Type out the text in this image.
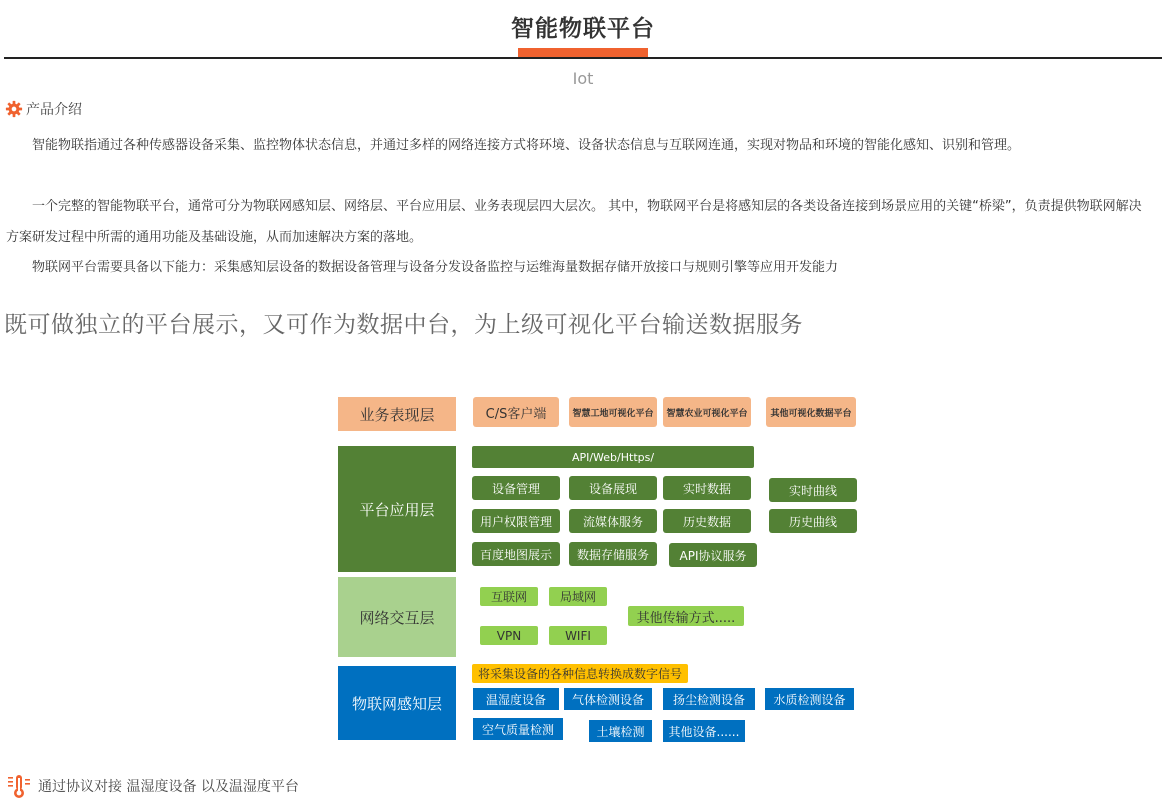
智能物联平台
Iot
产品介绍

智能物联指通过各种传感器设备采集、监控物体状态信息，并通过多样的网络连接方式将环境、设备状态信息与互联网连通，实现对物品和环境的智能化感知、识别和管理。

一个完整的智能物联平台，通常可分为物联网感知层、网络层、平台应用层、业务表现层四大层次。 其中，物联网平台是将感知层的各类设备连接到场景应用的关键“桥梁”，负责提供物联网解决方案研发过程中所需的通用功能及基础设施，从而加速解决方案的落地。

物联网平台需要具备以下能力：采集感知层设备的数据设备管理与设备分发设备监控与运维海量数据存储开放接口与规则引擎等应用开发能力

既可做独立的平台展示，又可作为数据中台，为上级可视化平台输送数据服务
业务表现层
平台应用层
网络交互层
物联网感知层
C/S客户端	智慧工地可视化平台	智慧农业可视化平台	其他可视化数据平台
API/Web/Https/
设备管理	设备展现	实时数据	实时曲线
用户权限管理	流媒体服务	历史数据	历史曲线
百度地图展示	数据存储服务	API协议服务
互联网	局域网
其他传输方式.....
VPN	WIFI
将采集设备的各种信息转换成数字信号
温湿度设备	气体检测设备	扬尘检测设备	水质检测设备
空气质量检测	土壤检测	其他设备......
通过协议对接 温湿度设备 以及温湿度平台
